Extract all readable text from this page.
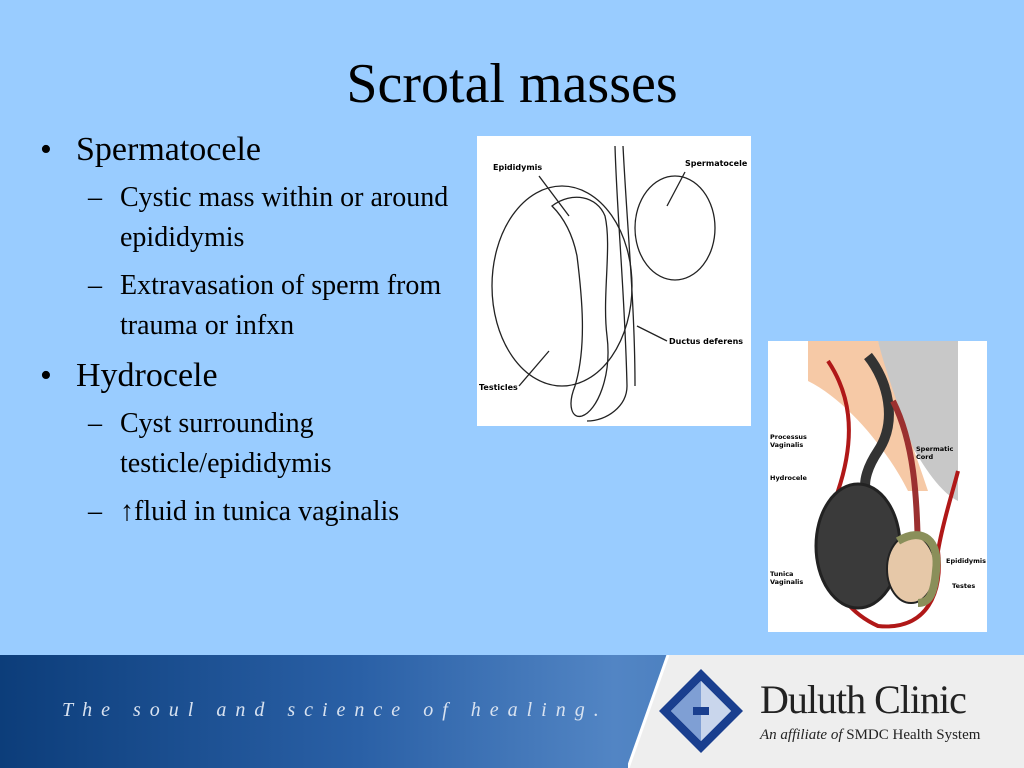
Scrotal masses
• Spermatocele
– Cystic mass within or around epididymis
– Extravasation of sperm from trauma or infxn
• Hydrocele
– Cyst surrounding testicle/epididymis
– ↑fluid in tunica vaginalis
Epididymis	Spermatocele
Ductus deferens
Testicles
Processus
Vaginalis	Spermatic
Cord
Hydrocele
Epididymis
Tunica
Vaginalis	Testes
The soul and science of healing.	Duluth Clinic
An affiliate of SMDC Health System
